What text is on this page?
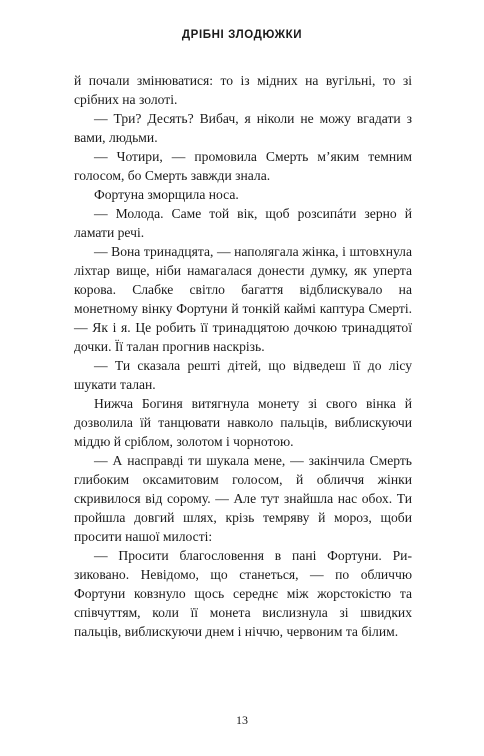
ДРІБНІ ЗЛОДЮЖКИ

й почали змінюватися: то із мідних на вугільні, то зі срібних на золоті.

— Три? Десять? Вибач, я ніколи не можу вгадати з вами, людьми.

— Чотири, — промовила Смерть м’яким темним голосом, бо Смерть завжди знала.

Фортуна зморщила носа.

— Молода. Саме той вік, щоб розсипáти зерно й ламати речі.

— Вона тринадцята, — наполягала жінка, і штовхнула ліхтар вище, ніби намагалася донести думку, як уперта корова. Слабке світло багаття відблискувало на монетному вінку Фортуни й тонкій каймі каптура Смерті. — Як і я. Це робить її тринадцятою дочкою тринадцятої дочки. Її талан прогнив наскрізь.

— Ти сказала решті дітей, що відведеш її до лісу шукати талан.

Нижча Богиня витягнула монету зі свого вінка й дозволила їй танцювати навколо пальців, виблискуючи міддю й сріблом, золотом і чорнотою.

— А насправді ти шукала мене, — закінчила Смерть глибоким оксамитовим голосом, й обличчя жінки скривилося від сорому. — Але тут знайшла нас обох. Ти пройшла довгий шлях, крізь темряву й мороз, щоби просити нашої милості:

— Просити благословення в пані Фортуни. Ризиковано. Невідомо, що станеться, — по обличчю Фортуни ковзнуло щось середнє між жорстокістю та співчуттям, коли її монета вислизнула зі швидких пальців, виблискуючи днем і ніччю, червоним та білим.

13
